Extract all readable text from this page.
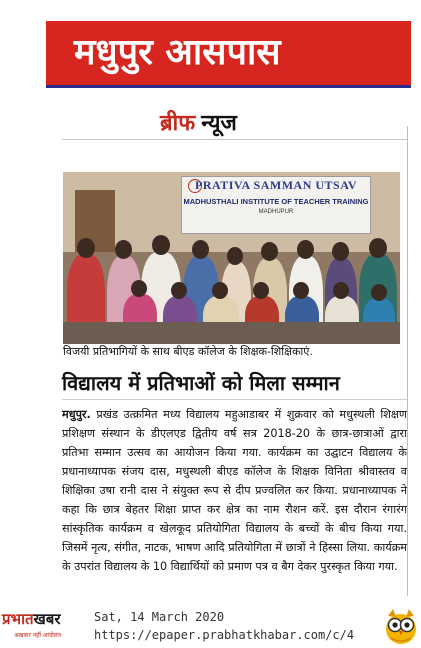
मधुपुर आसपास
ब्रीफ न्यूज
PRATIVA SAMMAN UTSAV
MADHUSTHALI INSTITUTE OF TEACHER TRAINING
MADHUPUR
विजयी प्रतिभागियों के साथ बीएड कॉलेज के शिक्षक-शिक्षिकाएं.
विद्यालय में प्रतिभाओं को मिला सम्मान
मधुपुर. प्रखंड उत्क्रमित मध्य विद्यालय महुआडाबर में शुक्रवार को मधुस्थली शिक्षण प्रशिक्षण संस्थान के डीएलएड द्वितीय वर्ष सत्र 2018-20 के छात्र-छात्राओं द्वारा प्रतिभा सम्मान उत्सव का आयोजन किया गया. कार्यक्रम का उद्घाटन विद्यालय के प्रधानाध्यापक संजय दास, मधुस्थली बीएड कॉलेज के शिक्षक विनिता श्रीवास्तव व शिक्षिका उषा रानी दास ने संयुक्त रूप से दीप प्रज्वलित कर किया. प्रधानाध्यापक ने कहा कि छात्र बेहतर शिक्षा प्राप्त कर क्षेत्र का नाम रौशन करें. इस दौरान रंगारंग सांस्कृतिक कार्यक्रम व खेलकूद प्रतियोगिता विद्यालय के बच्चों के बीच किया गया. जिसमें नृत्य, संगीत, नाटक, भाषण आदि प्रतियोगिता में छात्रों ने हिस्सा लिया. कार्यक्रम के उपरांत विद्यालय के 10 विद्यार्थियों को प्रमाण पत्र व बैग देकर पुरस्कृत किया गया.
प्रभातखबर
अखबार नहीं आंदोलन
Sat, 14 March 2020
https://epaper.prabhatkhabar.com/c/4
